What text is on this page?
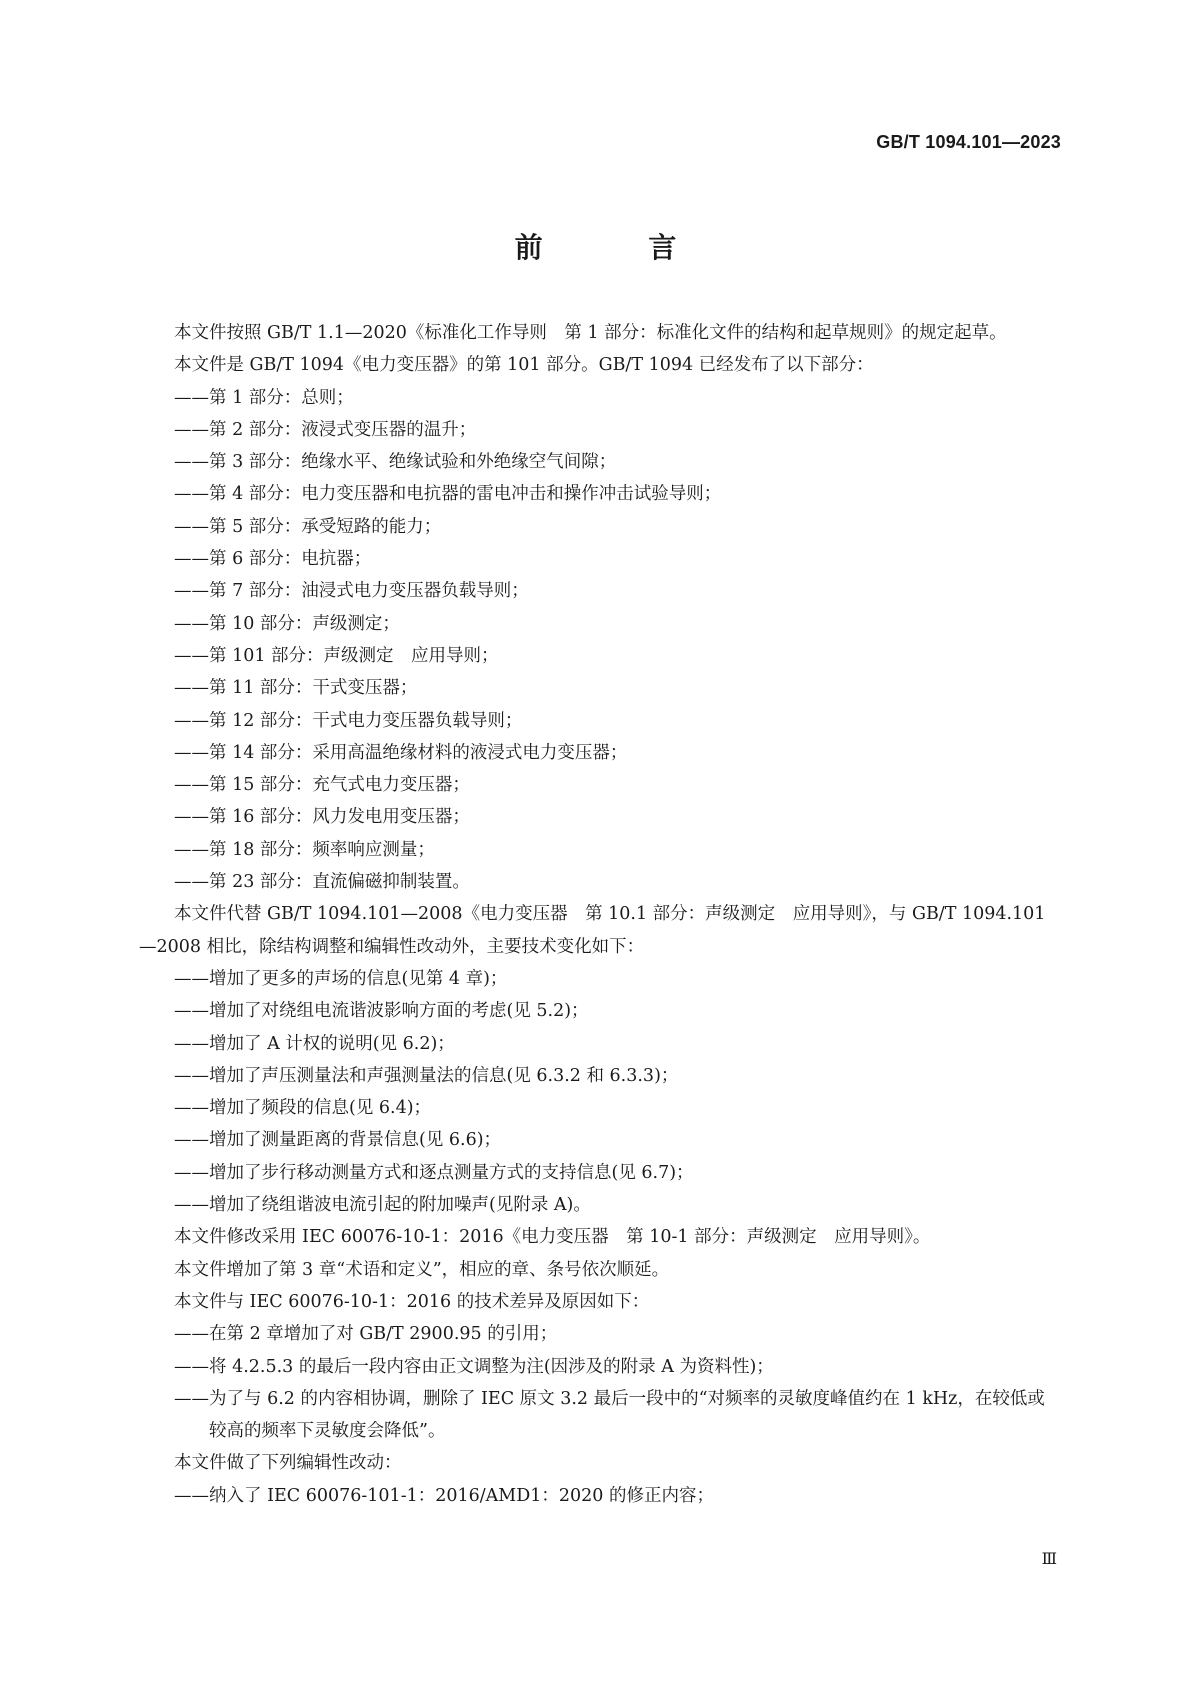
GB/T 1094.101—2023
前 言

本文件按照 GB/T 1.1—2020《标准化工作导则　第 1 部分：标准化文件的结构和起草规则》的规定起草。

本文件是 GB/T 1094《电力变压器》的第 101 部分。GB/T 1094 已经发布了以下部分：

——第 1 部分：总则；

——第 2 部分：液浸式变压器的温升；

——第 3 部分：绝缘水平、绝缘试验和外绝缘空气间隙；

——第 4 部分：电力变压器和电抗器的雷电冲击和操作冲击试验导则；

——第 5 部分：承受短路的能力；

——第 6 部分：电抗器；

——第 7 部分：油浸式电力变压器负载导则；

——第 10 部分：声级测定；

——第 101 部分：声级测定　应用导则；

——第 11 部分：干式变压器；

——第 12 部分：干式电力变压器负载导则；

——第 14 部分：采用高温绝缘材料的液浸式电力变压器；

——第 15 部分：充气式电力变压器；

——第 16 部分：风力发电用变压器；

——第 18 部分：频率响应测量；

——第 23 部分：直流偏磁抑制装置。

本文件代替 GB/T 1094.101—2008《电力变压器　第 10.1 部分：声级测定　应用导则》，与 GB/T 1094.101—2008 相比，除结构调整和编辑性改动外，主要技术变化如下：

——增加了更多的声场的信息(见第 4 章)；

——增加了对绕组电流谐波影响方面的考虑(见 5.2)；

——增加了 A 计权的说明(见 6.2)；

——增加了声压测量法和声强测量法的信息(见 6.3.2 和 6.3.3)；

——增加了频段的信息(见 6.4)；

——增加了测量距离的背景信息(见 6.6)；

——增加了步行移动测量方式和逐点测量方式的支持信息(见 6.7)；

——增加了绕组谐波电流引起的附加噪声(见附录 A)。

本文件修改采用 IEC 60076-10-1：2016《电力变压器　第 10-1 部分：声级测定　应用导则》。

本文件增加了第 3 章“术语和定义”，相应的章、条号依次顺延。

本文件与 IEC 60076-10-1：2016 的技术差异及原因如下：

——在第 2 章增加了对 GB/T 2900.95 的引用；

——将 4.2.5.3 的最后一段内容由正文调整为注(因涉及的附录 A 为资料性)；

——为了与 6.2 的内容相协调，删除了 IEC 原文 3.2 最后一段中的“对频率的灵敏度峰值约在 1 kHz，在较低或较高的频率下灵敏度会降低”。

本文件做了下列编辑性改动：

——纳入了 IEC 60076-101-1：2016/AMD1：2020 的修正内容；

Ⅲ
